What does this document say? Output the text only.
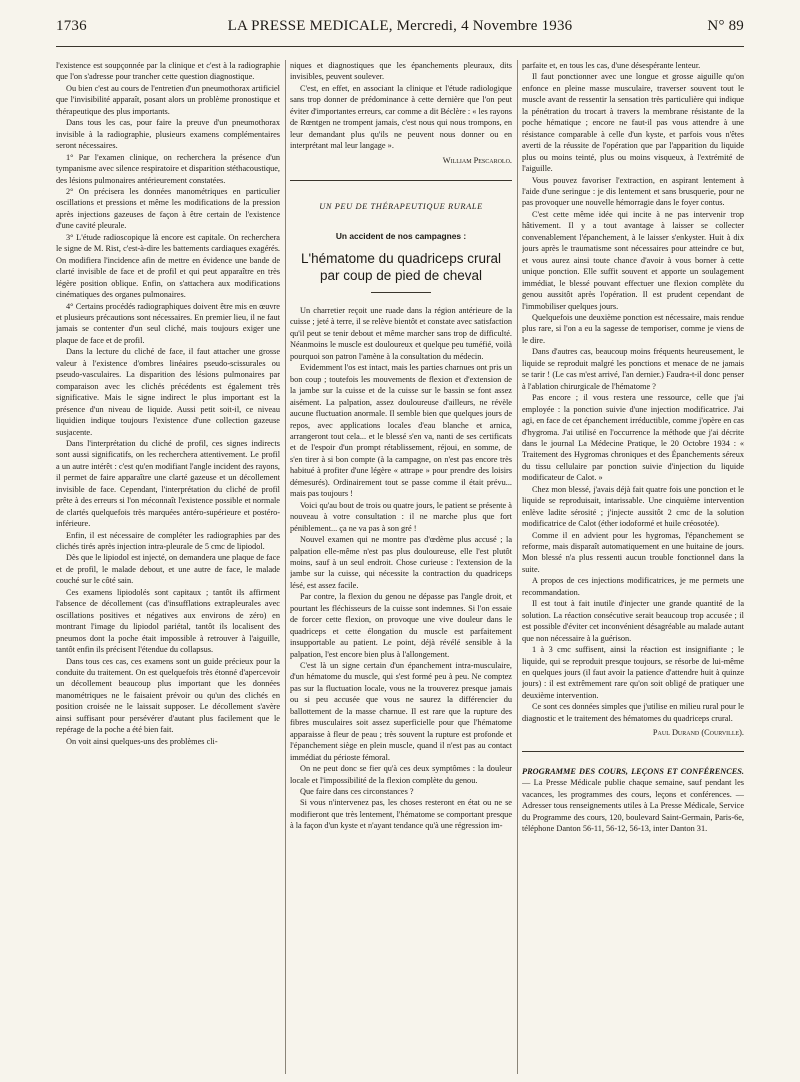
1736	LA PRESSE MEDICALE, Mercredi, 4 Novembre 1936	N° 89

l'existence est soupçonnée par la clinique et c'est à la radiographie que l'on s'adresse pour trancher cette question diagnostique.

Ou bien c'est au cours de l'entretien d'un pneumothorax artificiel que l'invisibilité apparaît, posant alors un problème pronostique et thérapeutique des plus importants.

Dans tous les cas, pour faire la preuve d'un pneumothorax invisible à la radiographie, plusieurs examens complémentaires seront nécessaires.

1° Par l'examen clinique, on recherchera la présence d'un tympanisme avec silence respiratoire et disparition stéthacoustique, des lésions pulmonaires antérieurement constatées.

2° On précisera les données manométriques en particulier oscillations et pressions et même les modifications de la pression après injections gazeuses de façon à être certain de l'existence d'une cavité pleurale.

3° L'étude radioscopique là encore est capitale. On recherchera le signe de M. Rist, c'est-à-dire les battements cardiaques exagérés. On modifiera l'incidence afin de mettre en évidence une bande de clarté invisible de face et de profil et qui peut apparaître en très légère position oblique. Enfin, on s'attachera aux modifications cinématiques des organes pulmonaires.

4° Certains procédés radiographiques doivent être mis en œuvre et plusieurs précautions sont nécessaires. En premier lieu, il ne faut jamais se contenter d'un seul cliché, mais toujours exiger une plaque de face et de profil.

Dans la lecture du cliché de face, il faut attacher une grosse valeur à l'existence d'ombres linéaires pseudo-scissurales ou pseudo-vasculaires. La disparition des lésions pulmonaires par comparaison avec les clichés précédents est également très significative. Mais le signe indirect le plus important est la présence d'un niveau de liquide. Aussi petit soit-il, ce niveau liquidien indique toujours l'existence d'une collection gazeuse susjacente.

Dans l'interprétation du cliché de profil, ces signes indirects sont aussi significatifs, on les recherchera attentivement. Le profil a un autre intérêt : c'est qu'en modifiant l'angle incident des rayons, il permet de faire apparaître une clarté gazeuse et un décollement invisible de face. Cependant, l'interprétation du cliché de profil prête à des erreurs si l'on méconnaît l'existence possible et normale de clartés quelquefois très marquées antéro-supérieure et postéro-inférieure.

Enfin, il est nécessaire de compléter les radiographies par des clichés tirés après injection intra-pleurale de 5 cmc de lipiodol.

Dès que le lipiodol est injecté, on demandera une plaque de face et de profil, le malade debout, et une autre de face, le malade couché sur le côté sain.

Ces examens lipiodolés sont capitaux ; tantôt ils affirment l'absence de décollement (cas d'insufflations extrapleurales avec oscillations positives et négatives aux environs de zéro) en montrant l'image du lipiodol pariétal, tantôt ils localisent des pneumos dont la poche était impossible à retrouver à l'aiguille, tantôt enfin ils précisent l'étendue du collapsus.

Dans tous ces cas, ces examens sont un guide précieux pour la conduite du traitement. On est quelquefois très étonné d'apercevoir un décollement beaucoup plus important que les données manométriques ne le faisaient prévoir ou qu'un des clichés en position croisée ne le laissait supposer. Le décollement s'avère ainsi suffisant pour persévérer d'autant plus facilement que le repérage de la poche a été bien fait.

On voit ainsi quelques-uns des problèmes cli-

niques et diagnostiques que les épanchements pleuraux, dits invisibles, peuvent soulever.

C'est, en effet, en associant la clinique et l'étude radiologique sans trop donner de prédominance à cette dernière que l'on peut éviter d'importantes erreurs, car comme a dit Béclère : « les rayons de Rœntgen ne trompent jamais, c'est nous qui nous trompons, en leur demandant plus qu'ils ne peuvent nous donner ou en interprétant mal leur langage ».

William Pescarolo.

UN PEU DE THÉRAPEUTIQUE RURALE
Un accident de nos campagnes :
L'hématome du quadriceps crural par coup de pied de cheval

Un charretier reçoit une ruade dans la région antérieure de la cuisse ; jeté à terre, il se relève bientôt et constate avec satisfaction qu'il peut se tenir debout et même marcher sans trop de difficulté. Néanmoins le muscle est douloureux et quelque peu tuméfié, voilà pourquoi son patron l'amène à la consultation du médecin.

Evidemment l'os est intact, mais les parties charnues ont pris un bon coup ; toutefois les mouvements de flexion et d'extension de la jambe sur la cuisse et de la cuisse sur le bassin se font assez aisément. La palpation, assez douloureuse d'ailleurs, ne révèle aucune fluctuation anormale. Il semble bien que quelques jours de repos, avec applications locales d'eau blanche et arnica, arrangeront tout cela... et le blessé s'en va, nanti de ses certificats et de l'espoir d'un prompt rétablissement, réjoui, en somme, de s'en tirer à si bon compte (à la campagne, on n'est pas encore très habitué à profiter d'une légère « attrape » pour prendre des loisirs démesurés). Ordinairement tout se passe comme il était prévu... mais pas toujours !

Voici qu'au bout de trois ou quatre jours, le patient se présente à nouveau à votre consultation : il ne marche plus que fort péniblement... ça ne va pas à son gré !

Nouvel examen qui ne montre pas d'œdème plus accusé ; la palpation elle-même n'est pas plus douloureuse, elle l'est plutôt moins, sauf à un seul endroit. Chose curieuse : l'extension de la jambe sur la cuisse, qui nécessite la contraction du quadriceps lésé, est assez facile.

Par contre, la flexion du genou ne dépasse pas l'angle droit, et pourtant les fléchisseurs de la cuisse sont indemnes. Si l'on essaie de forcer cette flexion, on provoque une vive douleur dans le quadriceps et cette élongation du muscle est parfaitement insupportable au patient. Le point, déjà révélé sensible à la palpation, l'est encore bien plus à l'allongement.

C'est là un signe certain d'un épanchement intra-musculaire, d'un hématome du muscle, qui s'est formé peu à peu. Ne comptez pas sur la fluctuation locale, vous ne la trouverez presque jamais ou si peu accusée que vous ne saurez la différencier du ballottement de la masse charnue. Il est rare que la rupture des fibres musculaires soit assez superficielle pour que l'hématome apparaisse à fleur de peau ; très souvent la rupture est profonde et l'épanchement siège en plein muscle, quand il n'est pas au contact immédiat du périoste fémoral.

On ne peut donc se fier qu'à ces deux symptômes : la douleur locale et l'impossibilité de la flexion complète du genou.

Que faire dans ces circonstances ?

Si vous n'intervenez pas, les choses resteront en état ou ne se modifieront que très lentement, l'hématome se comportant presque à la façon d'un kyste et n'ayant tendance qu'à une régression im-

parfaite et, en tous les cas, d'une désespérante lenteur.

Il faut ponctionner avec une longue et grosse aiguille qu'on enfonce en pleine masse musculaire, traverser souvent tout le muscle avant de ressentir la sensation très particulière qui indique la pénétration du trocart à travers la membrane résistante de la poche hématique ; encore ne faut-il pas vous attendre à une résistance comparable à celle d'un kyste, et parfois vous n'êtes averti de la réussite de l'opération que par l'apparition du liquide plus ou moins teinté, plus ou moins visqueux, à l'extrémité de l'aiguille.

Vous pouvez favoriser l'extraction, en aspirant lentement à l'aide d'une seringue : je dis lentement et sans brusquerie, pour ne pas provoquer une nouvelle hémorragie dans le foyer contus.

C'est cette même idée qui incite à ne pas intervenir trop hâtivement. Il y a tout avantage à laisser se collecter convenablement l'épanchement, à le laisser s'enkyster. Huit à dix jours après le traumatisme sont nécessaires pour atteindre ce but, et vous aurez ainsi toute chance d'avoir à vous borner à cette unique ponction. Elle suffit souvent et apporte un soulagement immédiat, le blessé pouvant effectuer une flexion complète du genou aussitôt après l'opération. Il est prudent cependant de l'immobiliser quelques jours.

Quelquefois une deuxième ponction est nécessaire, mais rendue plus rare, si l'on a eu la sagesse de temporiser, comme je viens de le dire.

Dans d'autres cas, beaucoup moins fréquents heureusement, le liquide se reproduit malgré les ponctions et menace de ne jamais se tarir ! (Le cas m'est arrivé, l'an dernier.) Faudra-t-il donc penser à l'ablation chirurgicale de l'hématome ?

Pas encore ; il vous restera une ressource, celle que j'ai employée : la ponction suivie d'une injection modificatrice. J'ai agi, en face de cet épanchement irréductible, comme j'opère en cas d'hygroma. J'ai utilisé en l'occurrence la méthode que j'ai décrite dans le journal La Médecine Pratique, le 20 Octobre 1934 : « Traitement des Hygromas chroniques et des Épanchements séreux du tissu cellulaire par ponction suivie d'injection du liquide modificateur de Calot. »

Chez mon blessé, j'avais déjà fait quatre fois une ponction et le liquide se reproduisait, intarissable. Une cinquième intervention enlève ladite sérosité ; j'injecte aussitôt 2 cmc de la solution modificatrice de Calot (éther iodoformé et huile créosotée).

Comme il en advient pour les hygromas, l'épanchement se reforme, mais disparaît automatiquement en une huitaine de jours. Mon blessé n'a plus ressenti aucun trouble fonctionnel dans la suite.

A propos de ces injections modificatrices, je me permets une recommandation.

Il est tout à fait inutile d'injecter une grande quantité de la solution. La réaction consécutive serait beaucoup trop accusée ; il est possible d'éviter cet inconvénient désagréable au malade autant que non nécessaire à la guérison.

1 à 3 cmc suffisent, ainsi la réaction est insignifiante ; le liquide, qui se reproduit presque toujours, se résorbe de lui-même en quelques jours (il faut avoir la patience d'attendre huit à quinze jours) : il est extrêmement rare qu'on soit obligé de pratiquer une deuxième intervention.

Ce sont ces données simples que j'utilise en milieu rural pour le diagnostic et le traitement des hématomes du quadriceps crural.

Paul Durand (Courville).

PROGRAMME DES COURS, LEÇONS ET CONFÉRENCES. — La Presse Médicale publie chaque semaine, sauf pendant les vacances, les programmes des cours, leçons et conférences. — Adresser tous renseignements utiles à La Presse Médicale, Service du Programme des cours, 120, boulevard Saint-Germain, Paris-6e, téléphone Danton 56-11, 56-12, 56-13, inter Danton 31.
